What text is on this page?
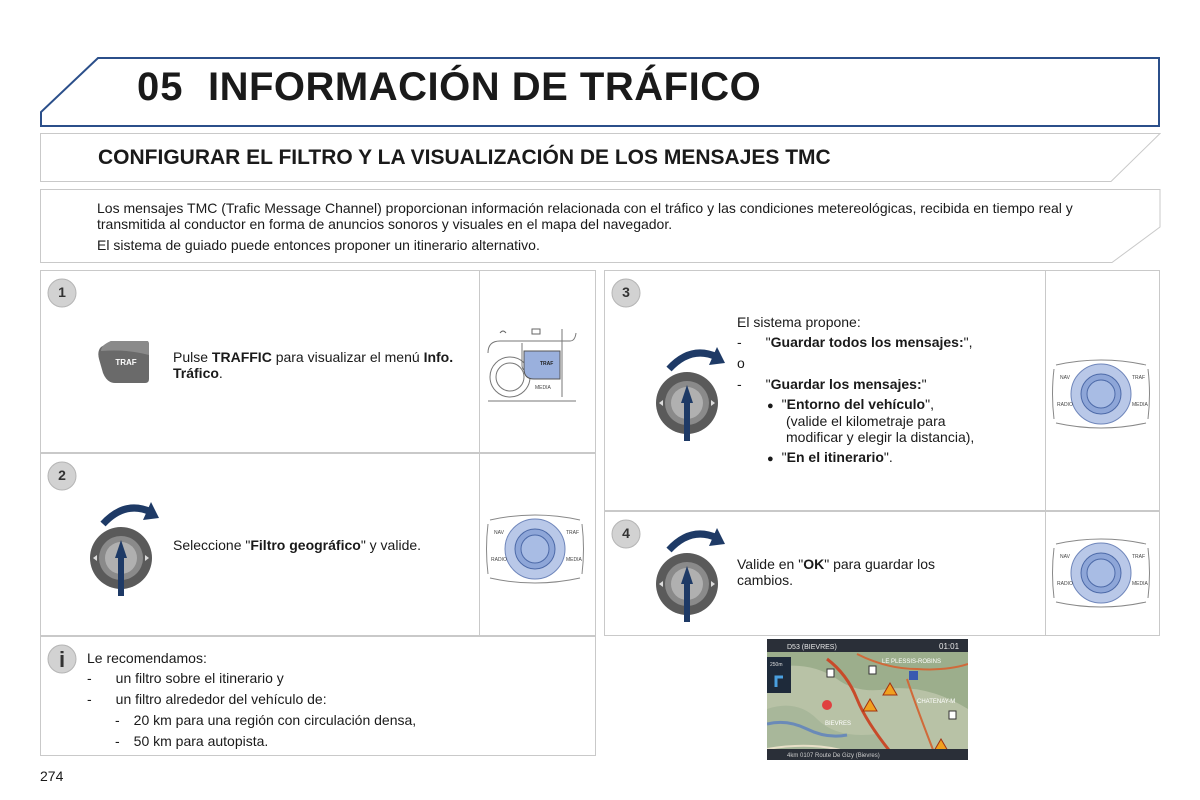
05 INFORMACIÓN DE TRÁFICO
CONFIGURAR EL FILTRO Y LA VISUALIZACIÓN DE LOS MENSAJES TMC

Los mensajes TMC (Trafic Message Channel) proporcionan información relacionada con el tráfico y las condiciones metereológicas, recibida en tiempo real y transmitida al conductor en forma de anuncios sonoros y visuales en el mapa del navegador.

El sistema de guiado puede entonces proponer un itinerario alternativo.

1
TRAF	Pulse TRAFFIC para visualizar el menú Info. Tráfico.
TRAF
MEDIA
2
Seleccione "Filtro geográfico" y valide.
NAV	TRAF
RADIO	MEDIA
3
El sistema propone:
- "Guardar todos los mensajes:",
o
- "Guardar los mensajes:"
● "Entorno del vehículo",
(valide el kilometraje para
modificar y elegir la distancia),
● "En el itinerario".
NAV	TRAF
RADIO	MEDIA
4
Valide en "OK" para guardar los
cambios.
NAV	TRAF
RADIO	MEDIA
i Le recomendamos:
- un filtro sobre el itinerario y
- un filtro alrededor del vehículo de:
- 20 km para una región con circulación densa,
- 50 km para autopista.
D53 (BIEVRES)	01:01
250m	LE PLESSIS-ROBINS
CHATENAY-M
BIEVRES
4km 0107 Route De Gizy (Bievres)
274
